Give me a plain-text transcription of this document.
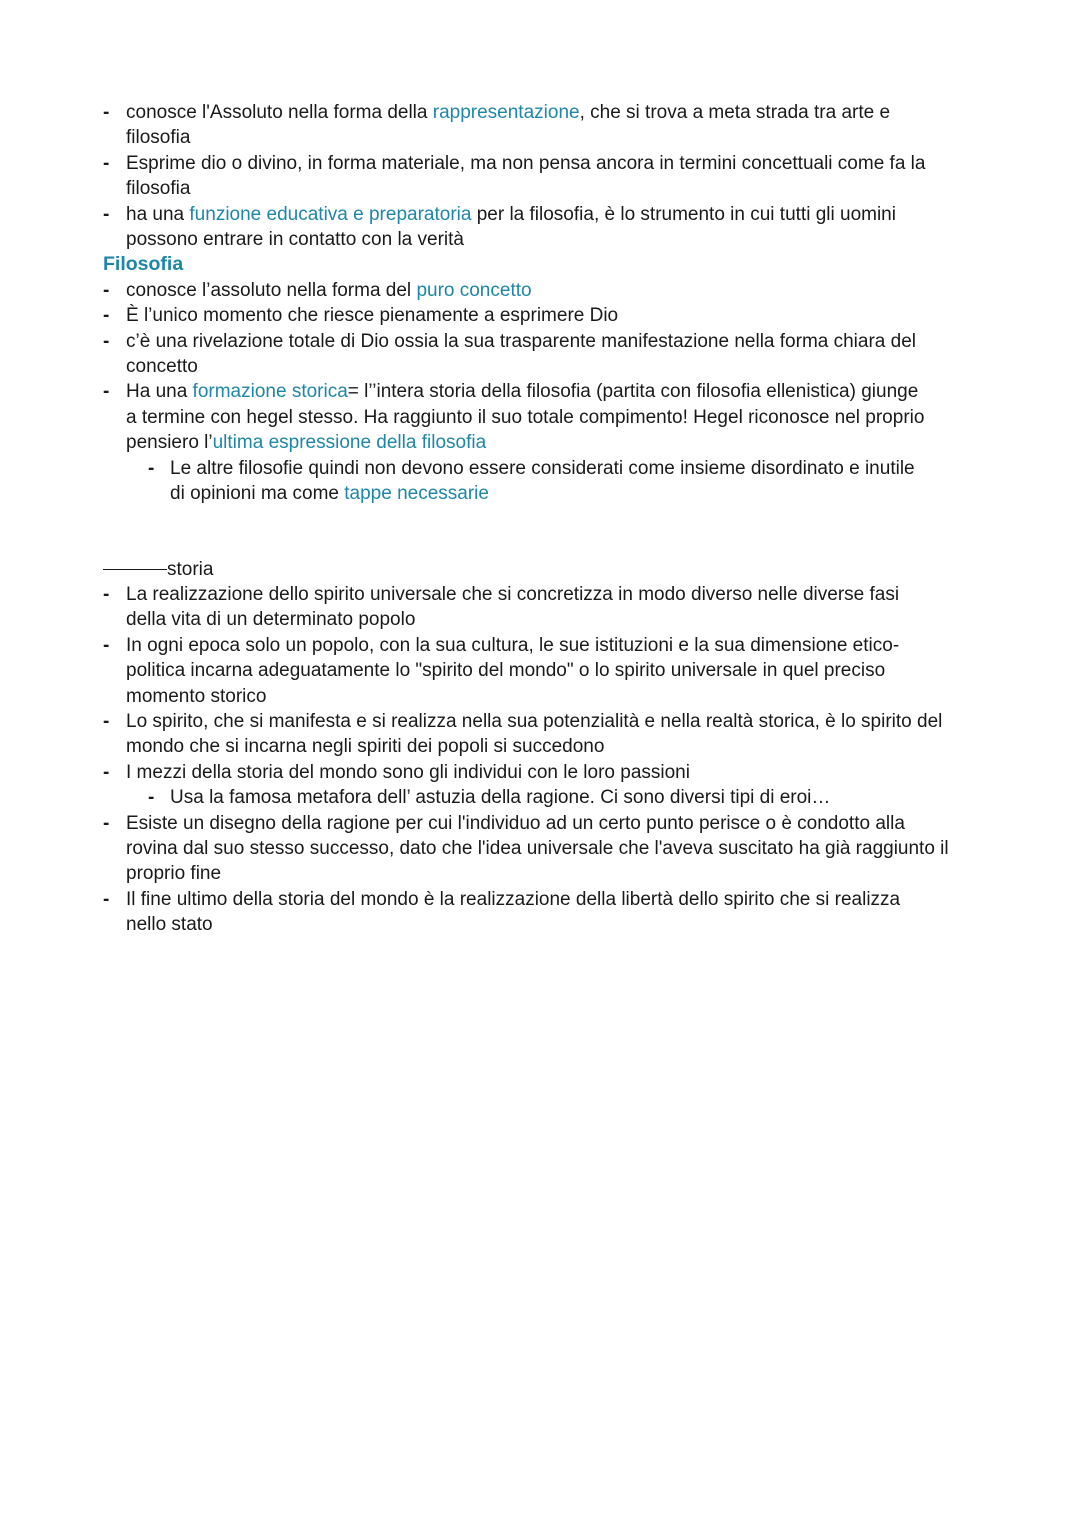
- conosce l'Assoluto nella forma della rappresentazione, che si trova a meta strada tra arte e
filosofia
- Esprime dio o divino, in forma materiale, ma non pensa ancora in termini concettuali come fa la
filosofia
- ha una funzione educativa e preparatoria per la filosofia, è lo strumento in cui tutti gli uomini
possono entrare in contatto con la verità
Filosofia
- conosce l’assoluto nella forma del puro concetto
- È l’unico momento che riesce pienamente a esprimere Dio
- c’è una rivelazione totale di Dio ossia la sua trasparente manifestazione nella forma chiara del
concetto
- Ha una formazione storica= l’’intera storia della filosofia (partita con filosofia ellenistica) giunge
a termine con hegel stesso. Ha raggiunto il suo totale compimento! Hegel riconosce nel proprio
pensiero l’ultima espressione della filosofia
- Le altre filosofie quindi non devono essere considerati come insieme disordinato e inutile
di opinioni ma come tappe necessarie
storia
- La realizzazione dello spirito universale che si concretizza in modo diverso nelle diverse fasi
della vita di un determinato popolo
- In ogni epoca solo un popolo, con la sua cultura, le sue istituzioni e la sua dimensione etico-
politica incarna adeguatamente lo "spirito del mondo" o lo spirito universale in quel preciso
momento storico
- Lo spirito, che si manifesta e si realizza nella sua potenzialità e nella realtà storica, è lo spirito del
mondo che si incarna negli spiriti dei popoli si succedono
- I mezzi della storia del mondo sono gli individui con le loro passioni
- Usa la famosa metafora dell’ astuzia della ragione. Ci sono diversi tipi di eroi…
- Esiste un disegno della ragione per cui l'individuo ad un certo punto perisce o è condotto alla
rovina dal suo stesso successo, dato che l'idea universale che l'aveva suscitato ha già raggiunto il
proprio fine
- Il fine ultimo della storia del mondo è la realizzazione della libertà dello spirito che si realizza
nello stato
